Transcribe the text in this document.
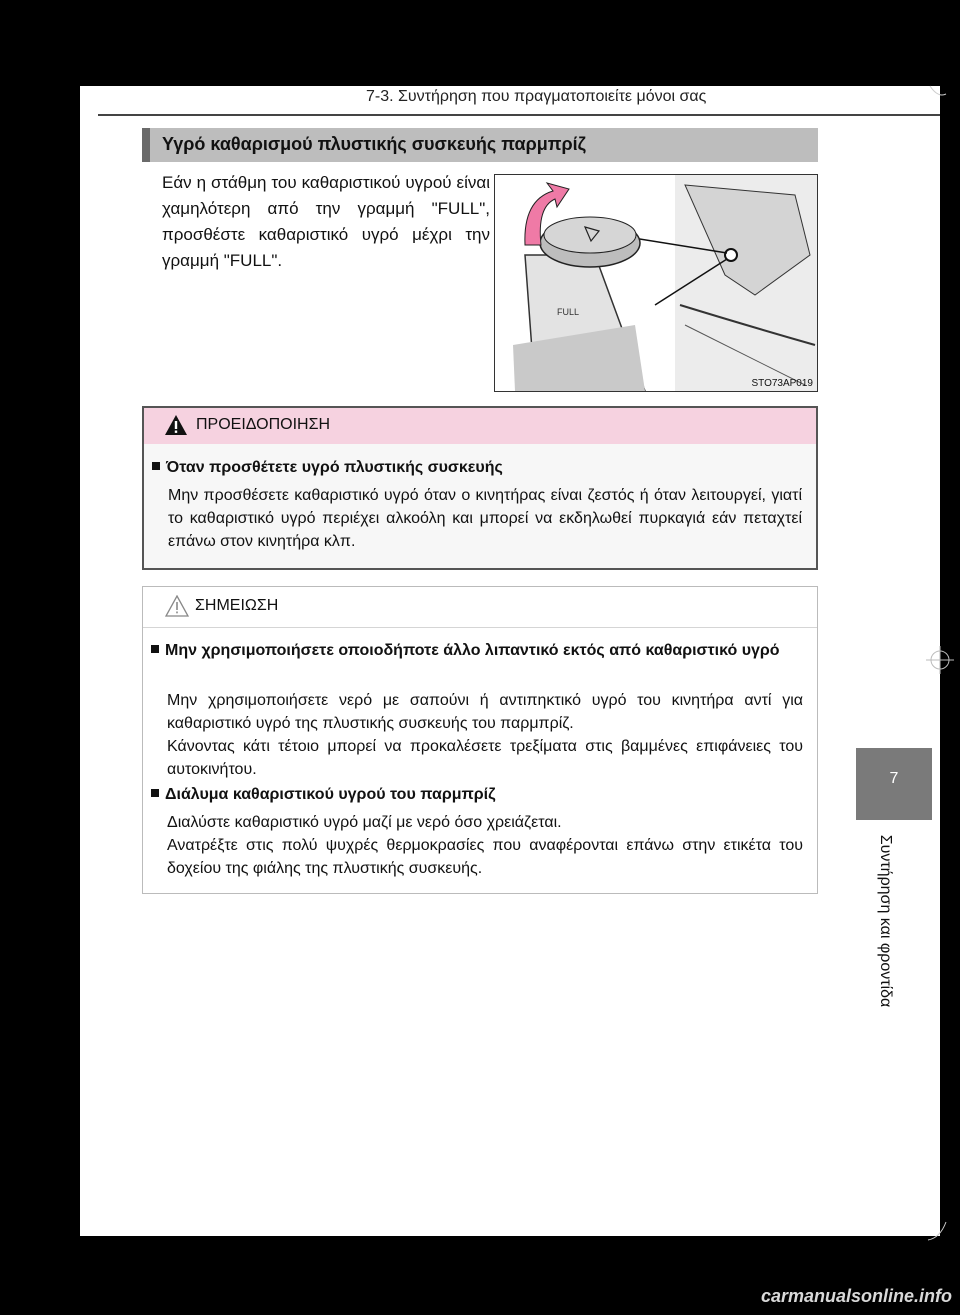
7-3. Συντήρηση που πραγματοποιείτε μόνοι σας
Υγρό καθαρισμού πλυστικής συσκευής παρμπρίζ
Εάν η στάθμη του καθαριστικού υγρού είναι χαμηλότερη από την γραμμή "FULL", προσθέστε καθαριστικό υγρό μέχρι την γραμμή "FULL".
FULL
STO73AP019
ΠΡΟΕΙΔΟΠΟΙΗΣΗ
Όταν προσθέτετε υγρό πλυστικής συσκευής
Μην προσθέσετε καθαριστικό υγρό όταν ο κινητήρας είναι ζεστός ή όταν λειτουργεί, γιατί το καθαριστικό υγρό περιέχει αλκοόλη και μπορεί να εκδηλωθεί πυρκαγιά εάν πεταχτεί επάνω στον κινητήρα κλπ.
ΣΗΜΕΙΩΣΗ
Μην χρησιμοποιήσετε οποιοδήποτε άλλο λιπαντικό εκτός από καθαριστικό υγρό
Μην χρησιμοποιήσετε νερό με σαπούνι ή αντιπηκτικό υγρό του κινητήρα αντί για καθαριστικό υγρό της πλυστικής συσκευής του παρμπρίζ.
Κάνοντας κάτι τέτοιο μπορεί να προκαλέσετε τρεξίματα στις βαμμένες επιφάνειες του αυτοκινήτου.
Διάλυμα καθαριστικού υγρού του παρμπρίζ
Διαλύστε καθαριστικό υγρό μαζί με νερό όσο χρειάζεται.
Ανατρέξτε στις πολύ ψυχρές θερμοκρασίες που αναφέρονται επάνω στην ετικέτα του δοχείου της φιάλης της πλυστικής συσκευής.
7
Συντήρηση και φροντίδα
carmanualsonline.info
